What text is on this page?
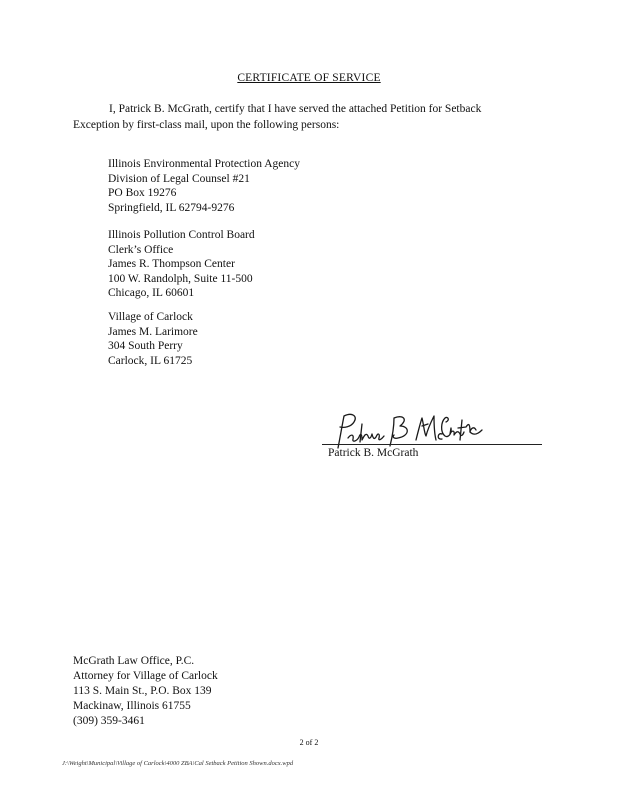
CERTIFICATE OF SERVICE
I, Patrick B. McGrath, certify that I have served the attached Petition for Setback
Exception by first-class mail, upon the following persons:
Illinois Environmental Protection Agency
Division of Legal Counsel #21
PO Box 19276
Springfield, IL 62794-9276
Illinois Pollution Control Board
Clerk’s Office
James R. Thompson Center
100 W. Randolph, Suite 11-500
Chicago, IL 60601
Village of Carlock
James M. Larimore
304 South Perry
Carlock, IL 61725
Patrick B. McGrath
McGrath Law Office, P.C.
Attorney for Village of Carlock
113 S. Main St., P.O. Box 139
Mackinaw, Illinois 61755
(309) 359-3461
2 of 2
J:\Weight\Municipal\Village of Carlock\4000 ZBA\Cal Setback Petition Shown.docx.wpd
